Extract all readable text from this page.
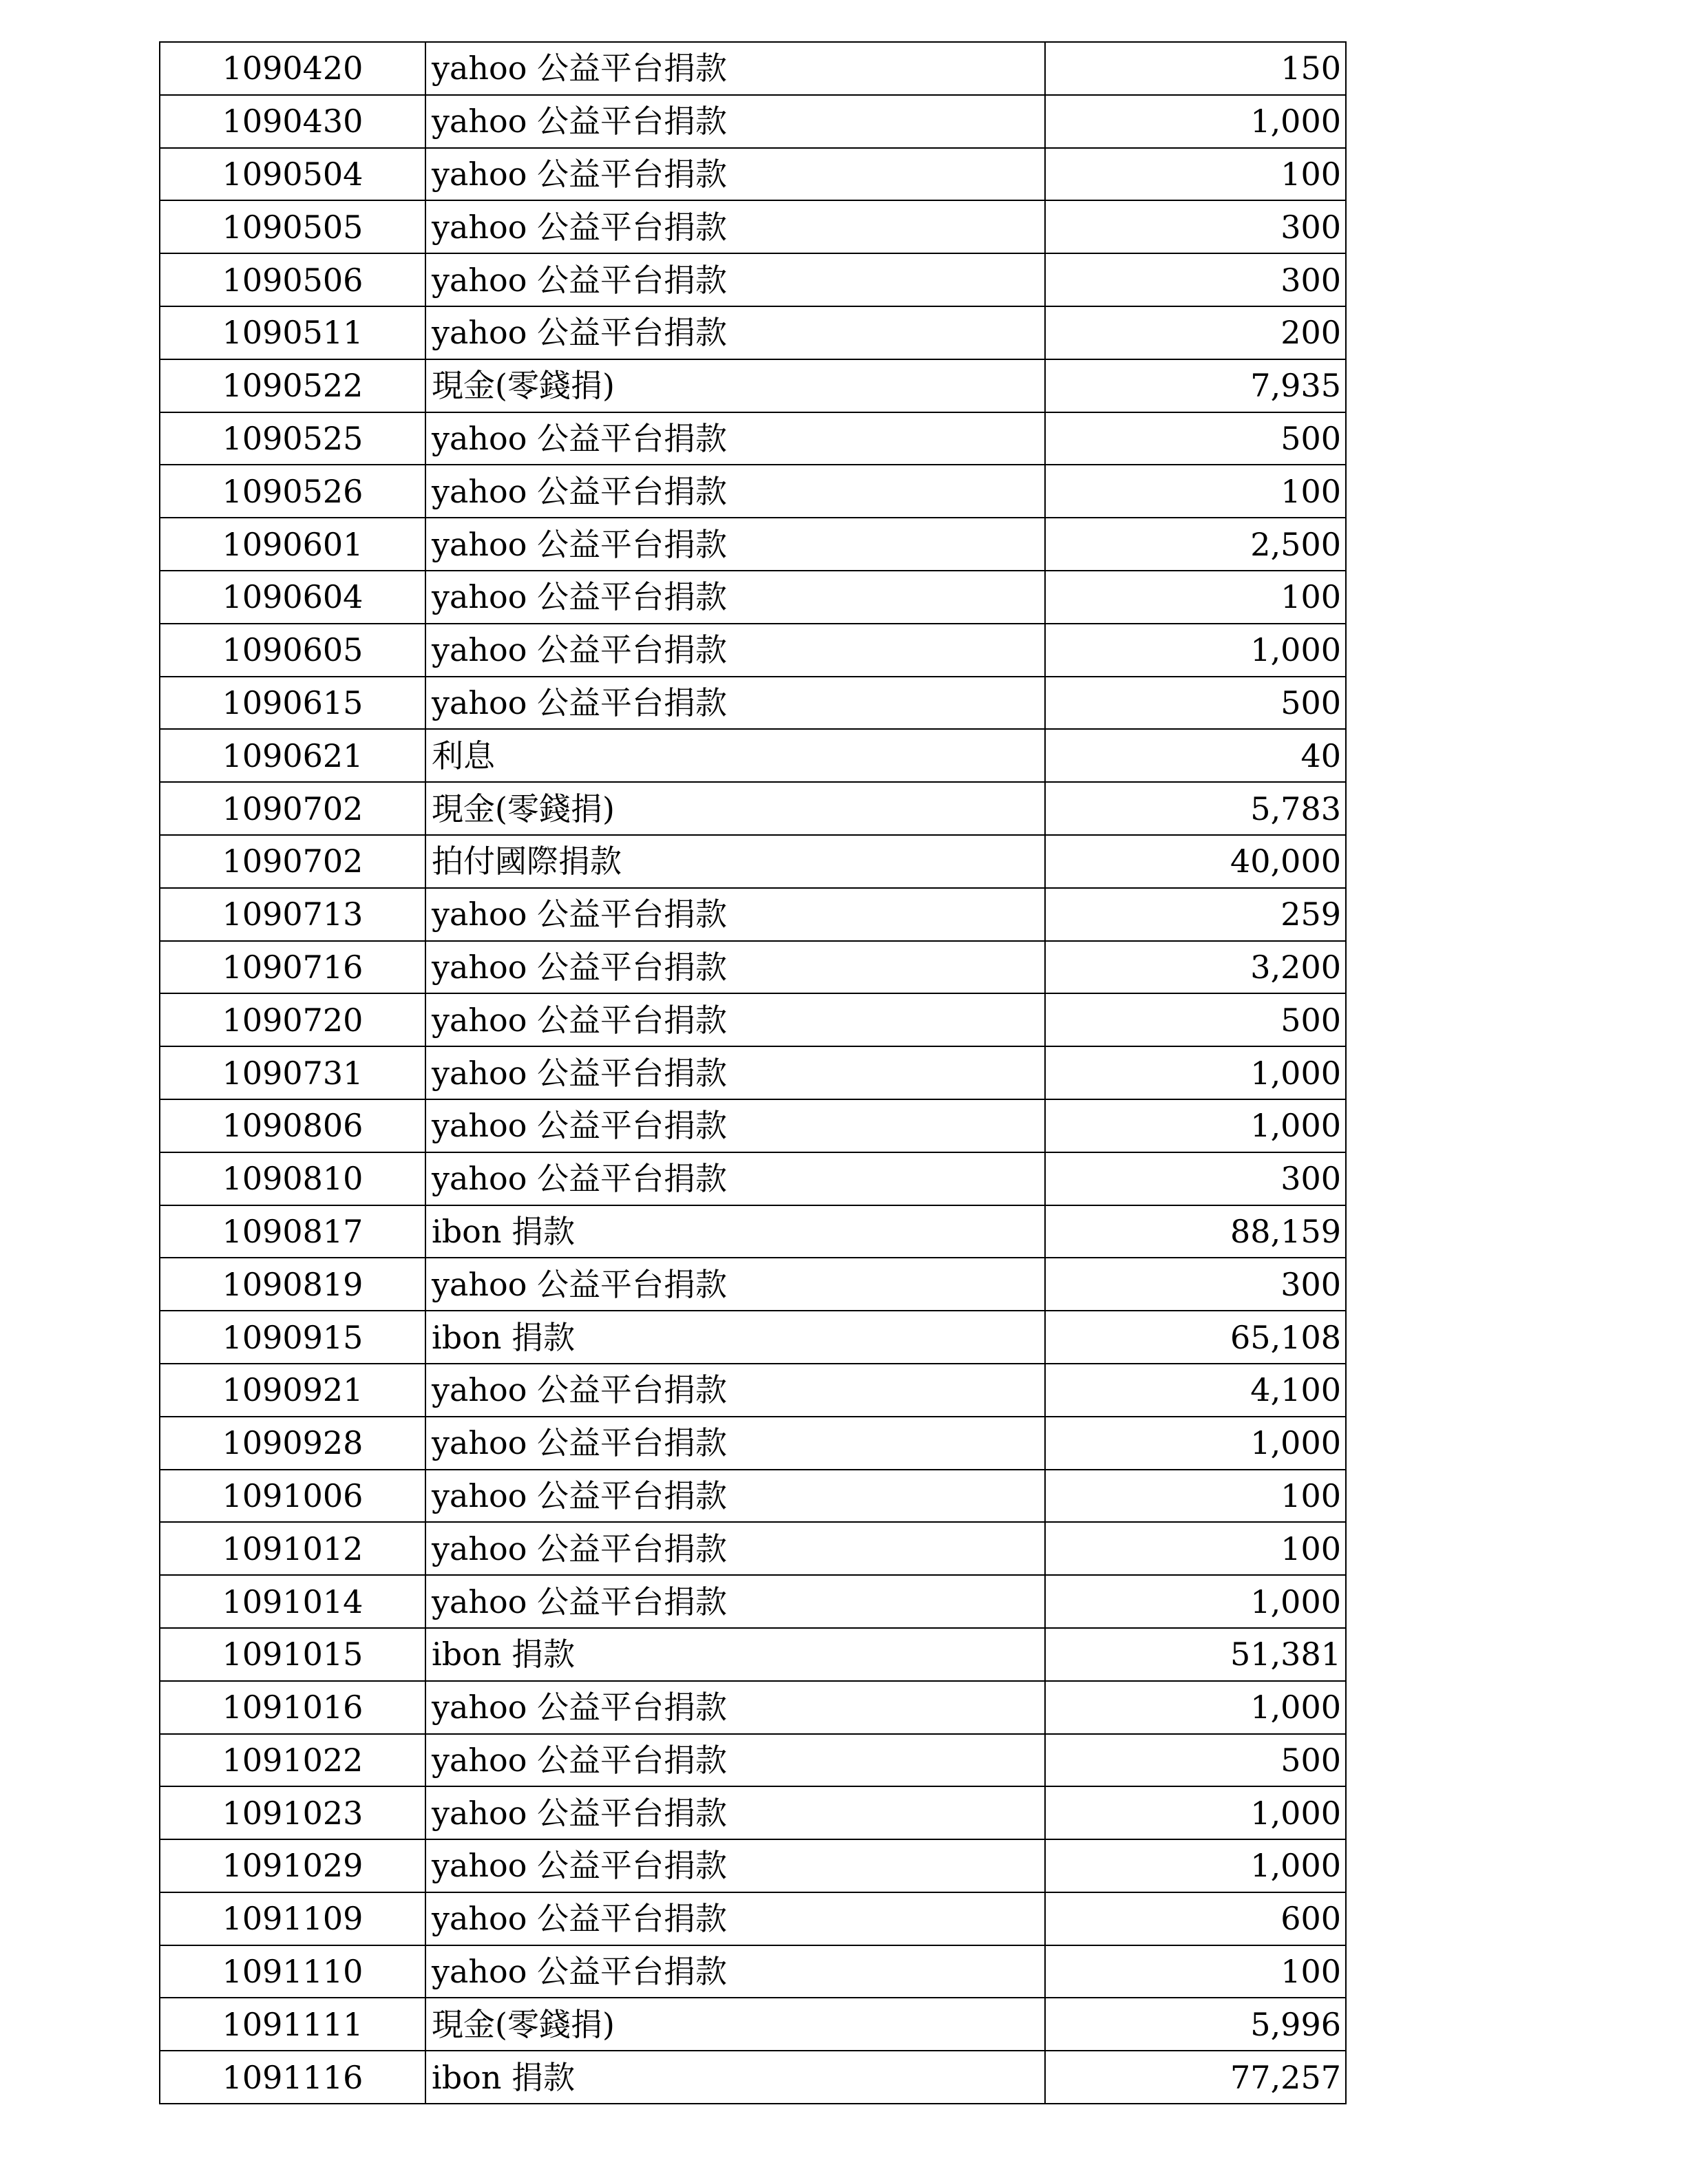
1090420	yahoo 公益平台捐款	150
1090430	yahoo 公益平台捐款	1,000
1090504	yahoo 公益平台捐款	100
1090505	yahoo 公益平台捐款	300
1090506	yahoo 公益平台捐款	300
1090511	yahoo 公益平台捐款	200
1090522	現金(零錢捐)	7,935
1090525	yahoo 公益平台捐款	500
1090526	yahoo 公益平台捐款	100
1090601	yahoo 公益平台捐款	2,500
1090604	yahoo 公益平台捐款	100
1090605	yahoo 公益平台捐款	1,000
1090615	yahoo 公益平台捐款	500
1090621	利息	40
1090702	現金(零錢捐)	5,783
1090702	拍付國際捐款	40,000
1090713	yahoo 公益平台捐款	259
1090716	yahoo 公益平台捐款	3,200
1090720	yahoo 公益平台捐款	500
1090731	yahoo 公益平台捐款	1,000
1090806	yahoo 公益平台捐款	1,000
1090810	yahoo 公益平台捐款	300
1090817	ibon 捐款	88,159
1090819	yahoo 公益平台捐款	300
1090915	ibon 捐款	65,108
1090921	yahoo 公益平台捐款	4,100
1090928	yahoo 公益平台捐款	1,000
1091006	yahoo 公益平台捐款	100
1091012	yahoo 公益平台捐款	100
1091014	yahoo 公益平台捐款	1,000
1091015	ibon 捐款	51,381
1091016	yahoo 公益平台捐款	1,000
1091022	yahoo 公益平台捐款	500
1091023	yahoo 公益平台捐款	1,000
1091029	yahoo 公益平台捐款	1,000
1091109	yahoo 公益平台捐款	600
1091110	yahoo 公益平台捐款	100
1091111	現金(零錢捐)	5,996
1091116	ibon 捐款	77,257
